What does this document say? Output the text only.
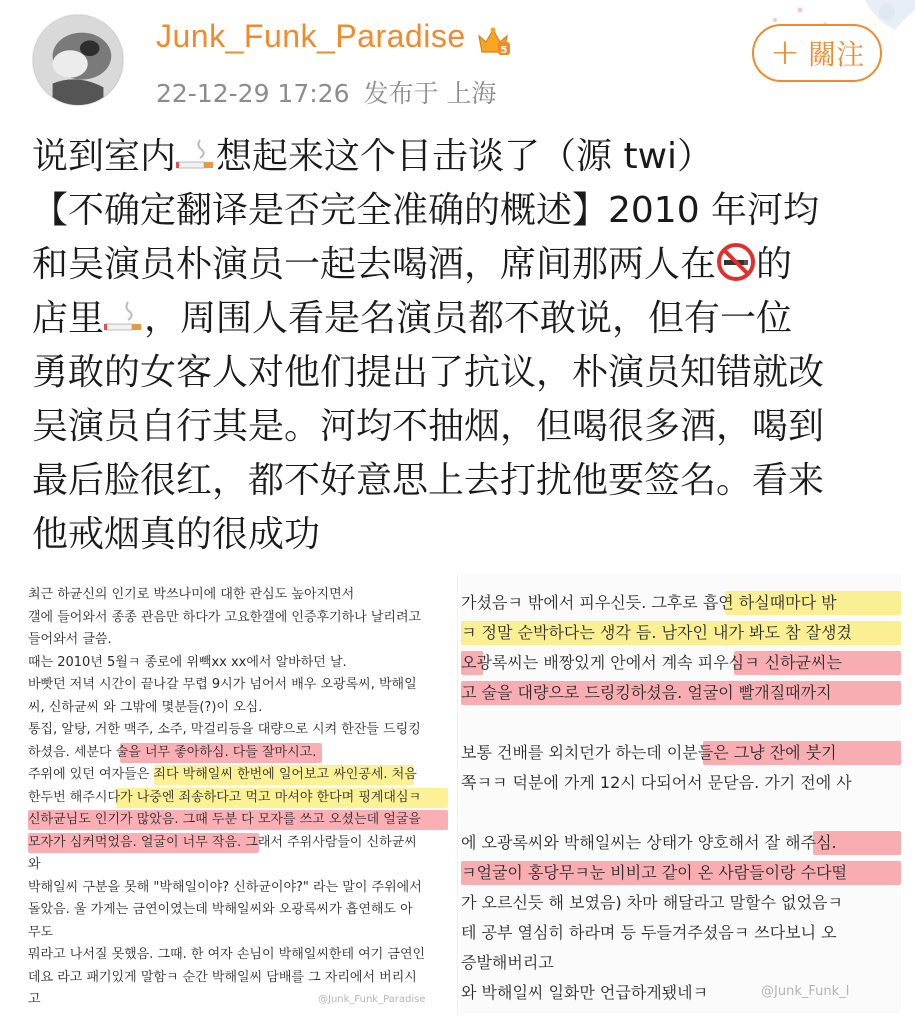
Junk_Funk_Paradise	5
22-12-29 17:26 发布于 上海
+ 關注
说到室内 想起来这个目击谈了（源 twi）
【不确定翻译是否完全准确的概述】2010 年河均
和吴演员朴演员一起去喝酒，席间那两人在 的
店里 ，周围人看是名演员都不敢说，但有一位
勇敢的女客人对他们提出了抗议，朴演员知错就改
吴演员自行其是。河均不抽烟，但喝很多酒，喝到
最后脸很红，都不好意思上去打扰他要签名。看来
他戒烟真的很成功
최근 하균신의 인기로 박쓰나미에 대한 관심도 높아지면서
갤에 들어와서 종종 관음만 하다가 고요한갤에 인증후기하나 날리려고
들어와서 글씀.
때는 2010년 5월ㅋ 종로에 위빽xx xx에서 알바하던 날.
바빳던 저녁 시간이 끝나갈 무렵 9시가 넘어서 배우 오광록씨, 박해일
씨, 신하균씨 와 그밖에 몇분들(?)이 오심.
통집, 알탕, 거한 맥주, 소주, 막걸리등을 대량으로 시켜 한잔들 드링킹
하셨음. 세분다 술을 너무 좋아하심. 다들 잘마시고.
주위에 있던 여자들은 죄다 박해일씨 한번에 일어보고 싸인공세. 처음
한두번 해주시다가 나중엔 죄송하다고 먹고 마셔야 한다며 핑계대심ㅋ
신하균님도 인기가 많았음. 그때 두분 다 모자를 쓰고 오셨는데 얼굴을
모자가 심커먹었음. 얼굴이 너무 작음. 그래서 주위사람들이 신하균씨
와
박해일씨 구분을 못해 "박해일이야? 신하균이야?" 라는 말이 주위에서
돌았음. 울 가게는 금연이였는데 박해일씨와 오광록씨가 흡연해도 아
무도
뭐라고 나서질 못했음. 그때. 한 여자 손님이 박해일씨한테 여기 금연인
데요 라고 패기있게 말함ㅋ 순간 박해일씨 담배를 그 자리에서 버리시
고	@Junk_Funk_Paradise
가셨음ㅋ 밖에서 피우신듯. 그후로 흡연 하실때마다 밖
ㅋ 정말 순박하다는 생각 듬. 남자인 내가 봐도 참 잘생겼
오광록씨는 배짱있게 안에서 계속 피우심ㅋ 신하균씨는
고 술을 대량으로 드링킹하셨음. 얼굴이 빨개질때까지
보통 건배를 외치던가 하는데 이분들은 그냥 잔에 붓기
쪽ㅋㅋ 덕분에 가게 12시 다되어서 문닫음. 가기 전에 사
에 오광록씨와 박해일씨는 상태가 양호해서 잘 해주심.
ㅋ얼굴이 홍당무ㅋ눈 비비고 같이 온 사람들이랑 수다떨
가 오르신듯 해 보였음) 차마 해달라고 말할수 없었음ㅋ
테 공부 열심히 하라며 등 두들겨주셨음ㅋ 쓰다보니 오
증발해버리고
와 박해일씨 일화만 언급하게됐네ㅋ	@Junk_Funk_I
